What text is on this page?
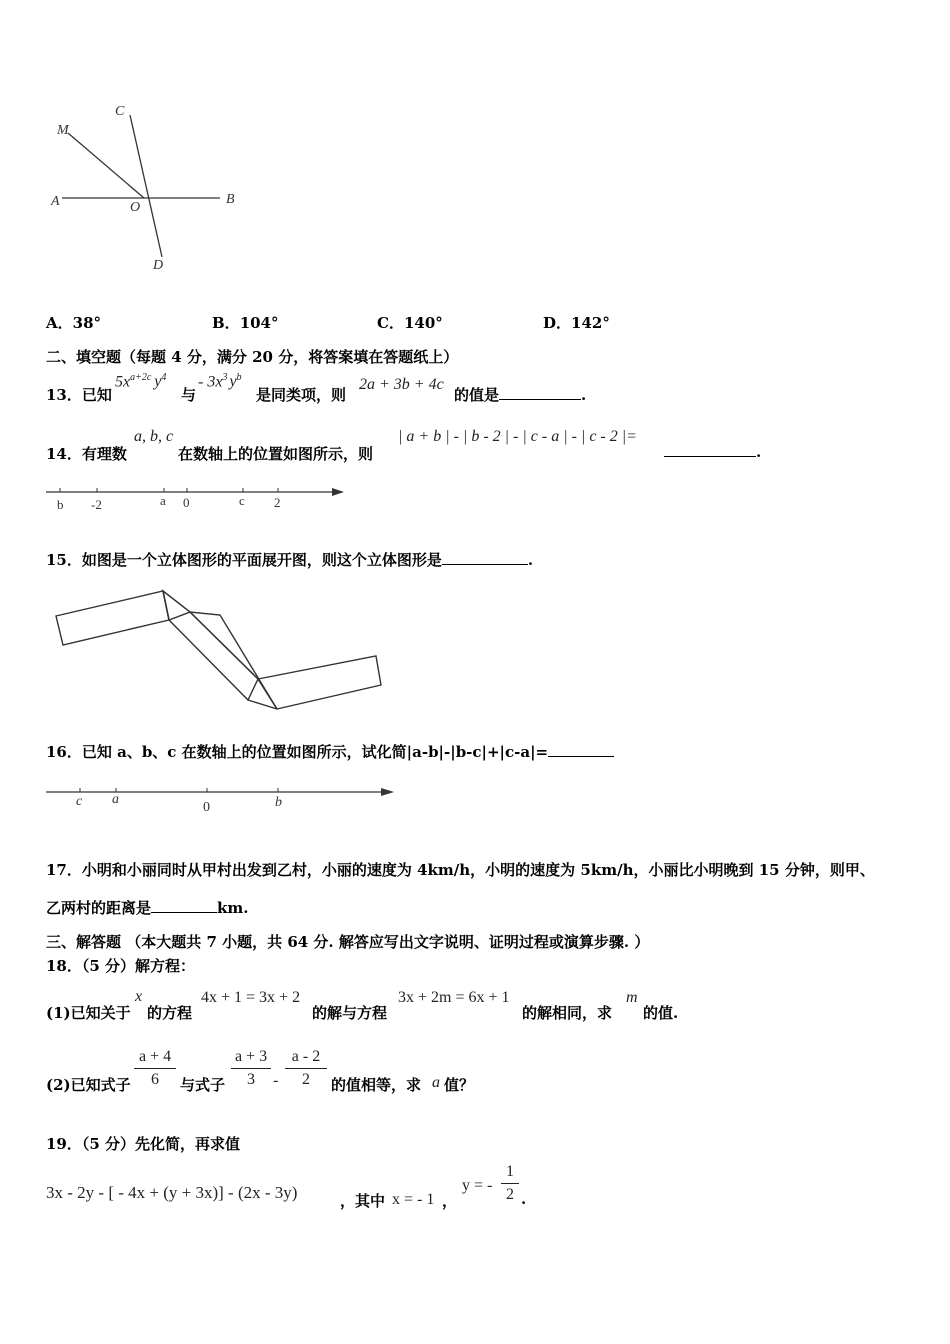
M
C
A	O
B
D
A．38°	B．104°	C．140°	D．142°
二、填空题（每题 4 分，满分 20 分，将答案填在答题纸上）
13．已知
$5x^{a+2c}$ $y^4$
与
- $3x^3$ $y^b$
是同类项，则
2a + 3b + 4c
的值是	.
14．有理数
a, b, c
在数轴上的位置如图所示，则
| a + b | - | b - 2 | - | c - a | - | c - 2 |=
.
b -2	a 0	c 2
15．如图是一个立体图形的平面展开图，则这个立体图形是	.
16．已知 a、b、c 在数轴上的位置如图所示，试化简|a-b|-|b-c|+|c-a|=
c a
0	b
17．小明和小丽同时从甲村出发到乙村，小丽的速度为 4km/h，小明的速度为 5km/h，小丽比小明晚到 15 分钟，则甲、
乙两村的距离是	km.
三、解答题 （本大题共 7 小题，共 64 分. 解答应写出文字说明、证明过程或演算步骤. ）
18．（5 分）解方程：
(1)已知关于
x
的方程
4x + 1 = 3x + 2
的解与方程
3x + 2m = 6x + 1
的解相同，求
m
的值.
(2)已知式子
a + 4
6	与式子
a + 3
3	-
a - 2
2	的值相等，求 a 值？
19．（5 分）先化简，再求值
3x - 2y - [ - 4x + (y + 3x)] - (2x - 3y)	，其中 x = - 1 ，
y = -
1
2 .
